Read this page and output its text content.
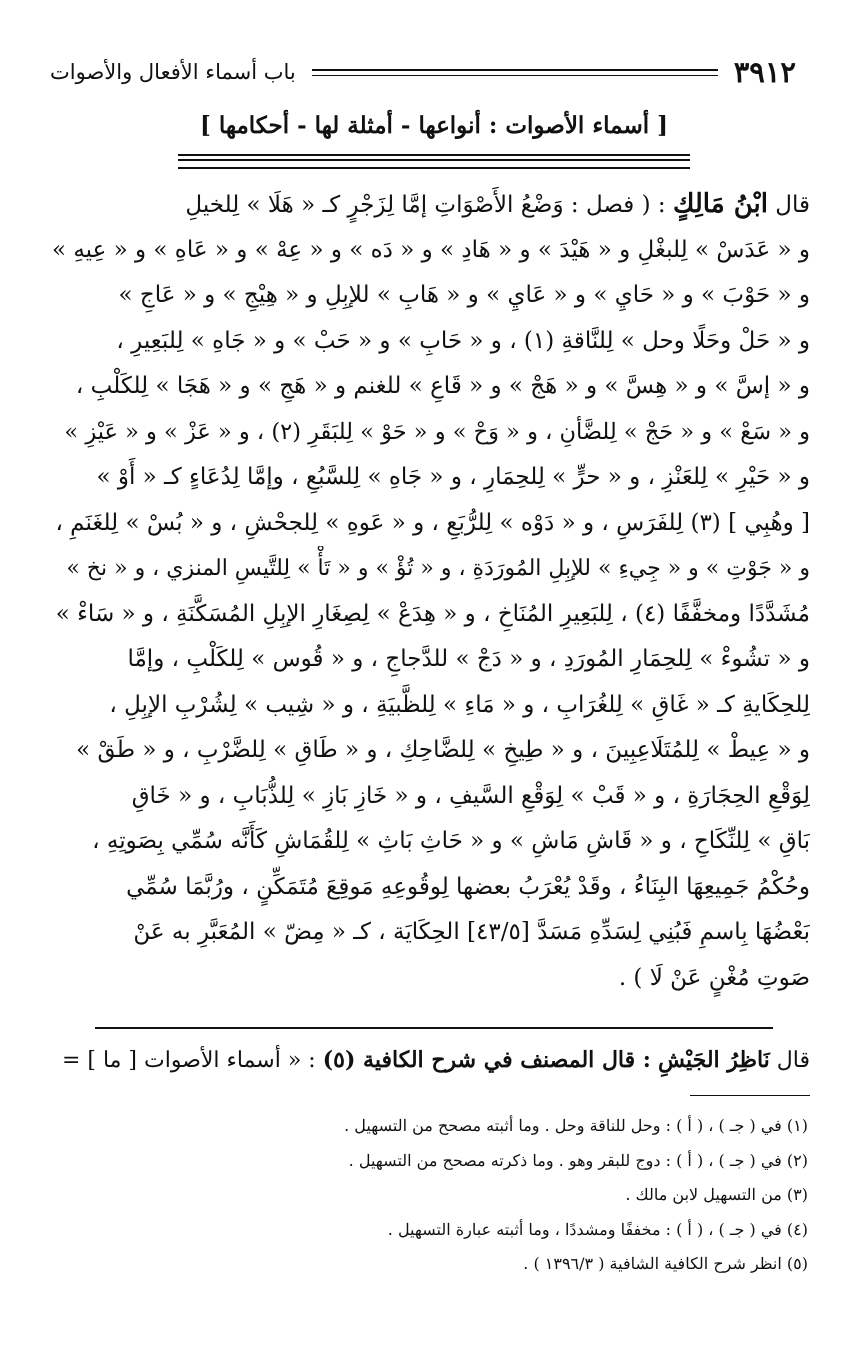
٣٩١٢
باب أسماء الأفعال والأصوات
[ أسماء الأصوات : أنواعها - أمثلة لها - أحكامها ]
قال ابْنُ مَالِكٍ : ( فصل : وَضْعُ الأَصْوَاتِ إمَّا لِزَجْرٍ كـ « هَلَا » لِلخيلِ
و « عَدَسْ » لِلبغْلِ و « هَيْدَ » و « هَادِ » و « دَه » و « عِهْ » و « عَاهِ » و « عِيهِ »
و « حَوْبَ » و « حَايِ » و « عَايِ » و « هَابِ » للإبِلِ و « هِيْجِ » و « عَاجِ »
و « حَلْ وحَلًا وحل » لِلنَّاقةِ (١) ، و « حَابِ » و « حَبْ » و « جَاهِ » لِلبَعِيرِ ،
و « إسَّ » و « هِسَّ » و « هَجْ » و « قَاعِ » للغنم و « هَجِ » و « هَجَا » لِلكَلْبِ ،
و « سَعْ » و « حَجْ » لِلضَّأنِ ، و « وَحْ » و « حَوْ » لِلبَقَرِ (٢) ، و « عَزْ » و « عَيْزِ »
و « حَيْرِ » لِلعَنْزِ ، و « حرٍّ » لِلحِمَارِ ، و « جَاهِ » لِلسَّبُعِ ، وإمَّا لِدُعَاءٍ كـ « أَوْ »
[ وهُبِي ] (٣) لِلفَرَسِ ، و « دَوْه » لِلرُّبَعِ ، و « عَوهِ » لِلجحْشِ ، و « بُسْ » لِلغَنَمِ ،
و « جَوْتِ » و « جِيءِ » للإبِلِ المُورَدَةِ ، و « تُؤْ » و « تَأْ » لِلتَّيسِ المنزي ، و « نخ »
مُشَدَّدًا ومخفَّفًا (٤) ، لِلبَعِيرِ المُنَاخِ ، و « هِدَعْ » لِصِغَارِ الإبِلِ المُسَكَّنَةِ ، و « سَاءْ »
و « تشُوءْ » لِلحِمَارِ المُورَدِ ، و « دَجْ » للدَّجاجِ ، و « قُوس » لِلكَلْبِ ، وإمَّا
لِلحِكَايةِ كـ « غَاقِ » لِلغُرَابِ ، و « مَاءِ » لِلظَّبيَةِ ، و « شِيب » لِشُرْبِ الإبِلِ ،
و « عِيطْ » لِلمُتَلَاعِبِينَ ، و « طِيخِ » لِلضَّاحِكِ ، و « طَاقِ » لِلضَّرْبِ ، و « طَقْ »
لِوَقْعِ الحِجَارَةِ ، و « قَبْ » لِوَقْعِ السَّيفِ ، و « خَازِ بَازِ » لِلذُّبَابِ ، و « خَاقِ
بَاقِ » لِلنِّكَاحِ ، و « قَاشِ مَاشِ » و « حَاثِ بَاثِ » لِلقُمَاشِ كَأَنَّه سُمِّي بِصَوتِهِ ،
وحُكْمُ جَمِيعِهَا البِنَاءُ ، وقَدْ يُعْرَبُ بعضها لِوقُوعِهِ مَوقِعَ مُتَمَكِّنٍ ، ورُبَّمَا سُمِّي
بَعْضُهَا بِاسمِ فَبُنِي لِسَدِّهِ مَسَدَّ [٤٣/٥] الحِكَايَة ، كـ « مِضّ » المُعَبَّرِ به عَنْ
صَوتِ مُغْنٍ عَنْ لَا ) .
قال نَاظِرُ الجَيْشِ : قال المصنف في شرح الكافية (٥) : « أسماء الأصوات [ ما ] =
(١) في ( جـ ) ، ( أ ) : وحل للناقة وحل . وما أثبته مصحح من التسهيل .
(٢) في ( جـ ) ، ( أ ) : دوج للبقر وهو . وما ذكرته مصحح من التسهيل .
(٣) من التسهيل لابن مالك .
(٤) في ( جـ ) ، ( أ ) : مخففًا ومشددًا ، وما أثبته عبارة التسهيل .
(٥) انظر شرح الكافية الشافية ( ١٣٩٦/٣ ) .
